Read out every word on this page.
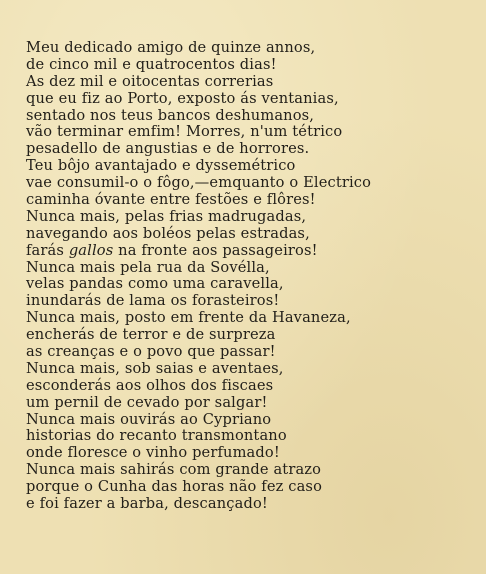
Meu dedicado amigo de quinze annos,
de cinco mil e quatrocentos dias!
As dez mil e oitocentas correrias
que eu fiz ao Porto, exposto ás ventanias,
sentado nos teus bancos deshumanos,
vão terminar emfim! Morres, n'um tétrico
pesadello de angustias e de horrores.
Teu bôjo avantajado e dyssemétrico
vae consumil-o o fôgo,—emquanto o Electrico
caminha óvante entre festões e flôres!
Nunca mais, pelas frias madrugadas,
navegando aos boléos pelas estradas,
farás gallos na fronte aos passageiros!
Nunca mais pela rua da Sovélla,
velas pandas como uma caravella,
inundarás de lama os forasteiros!
Nunca mais, posto em frente da Havaneza,
encherás de terror e de surpreza
as creanças e o povo que passar!
Nunca mais, sob saias e aventaes,
esconderás aos olhos dos fiscaes
um pernil de cevado por salgar!
Nunca mais ouvirás ao Cypriano
historias do recanto transmontano
onde floresce o vinho perfumado!
Nunca mais sahirás com grande atrazo
porque o Cunha das horas não fez caso
e foi fazer a barba, descançado!
